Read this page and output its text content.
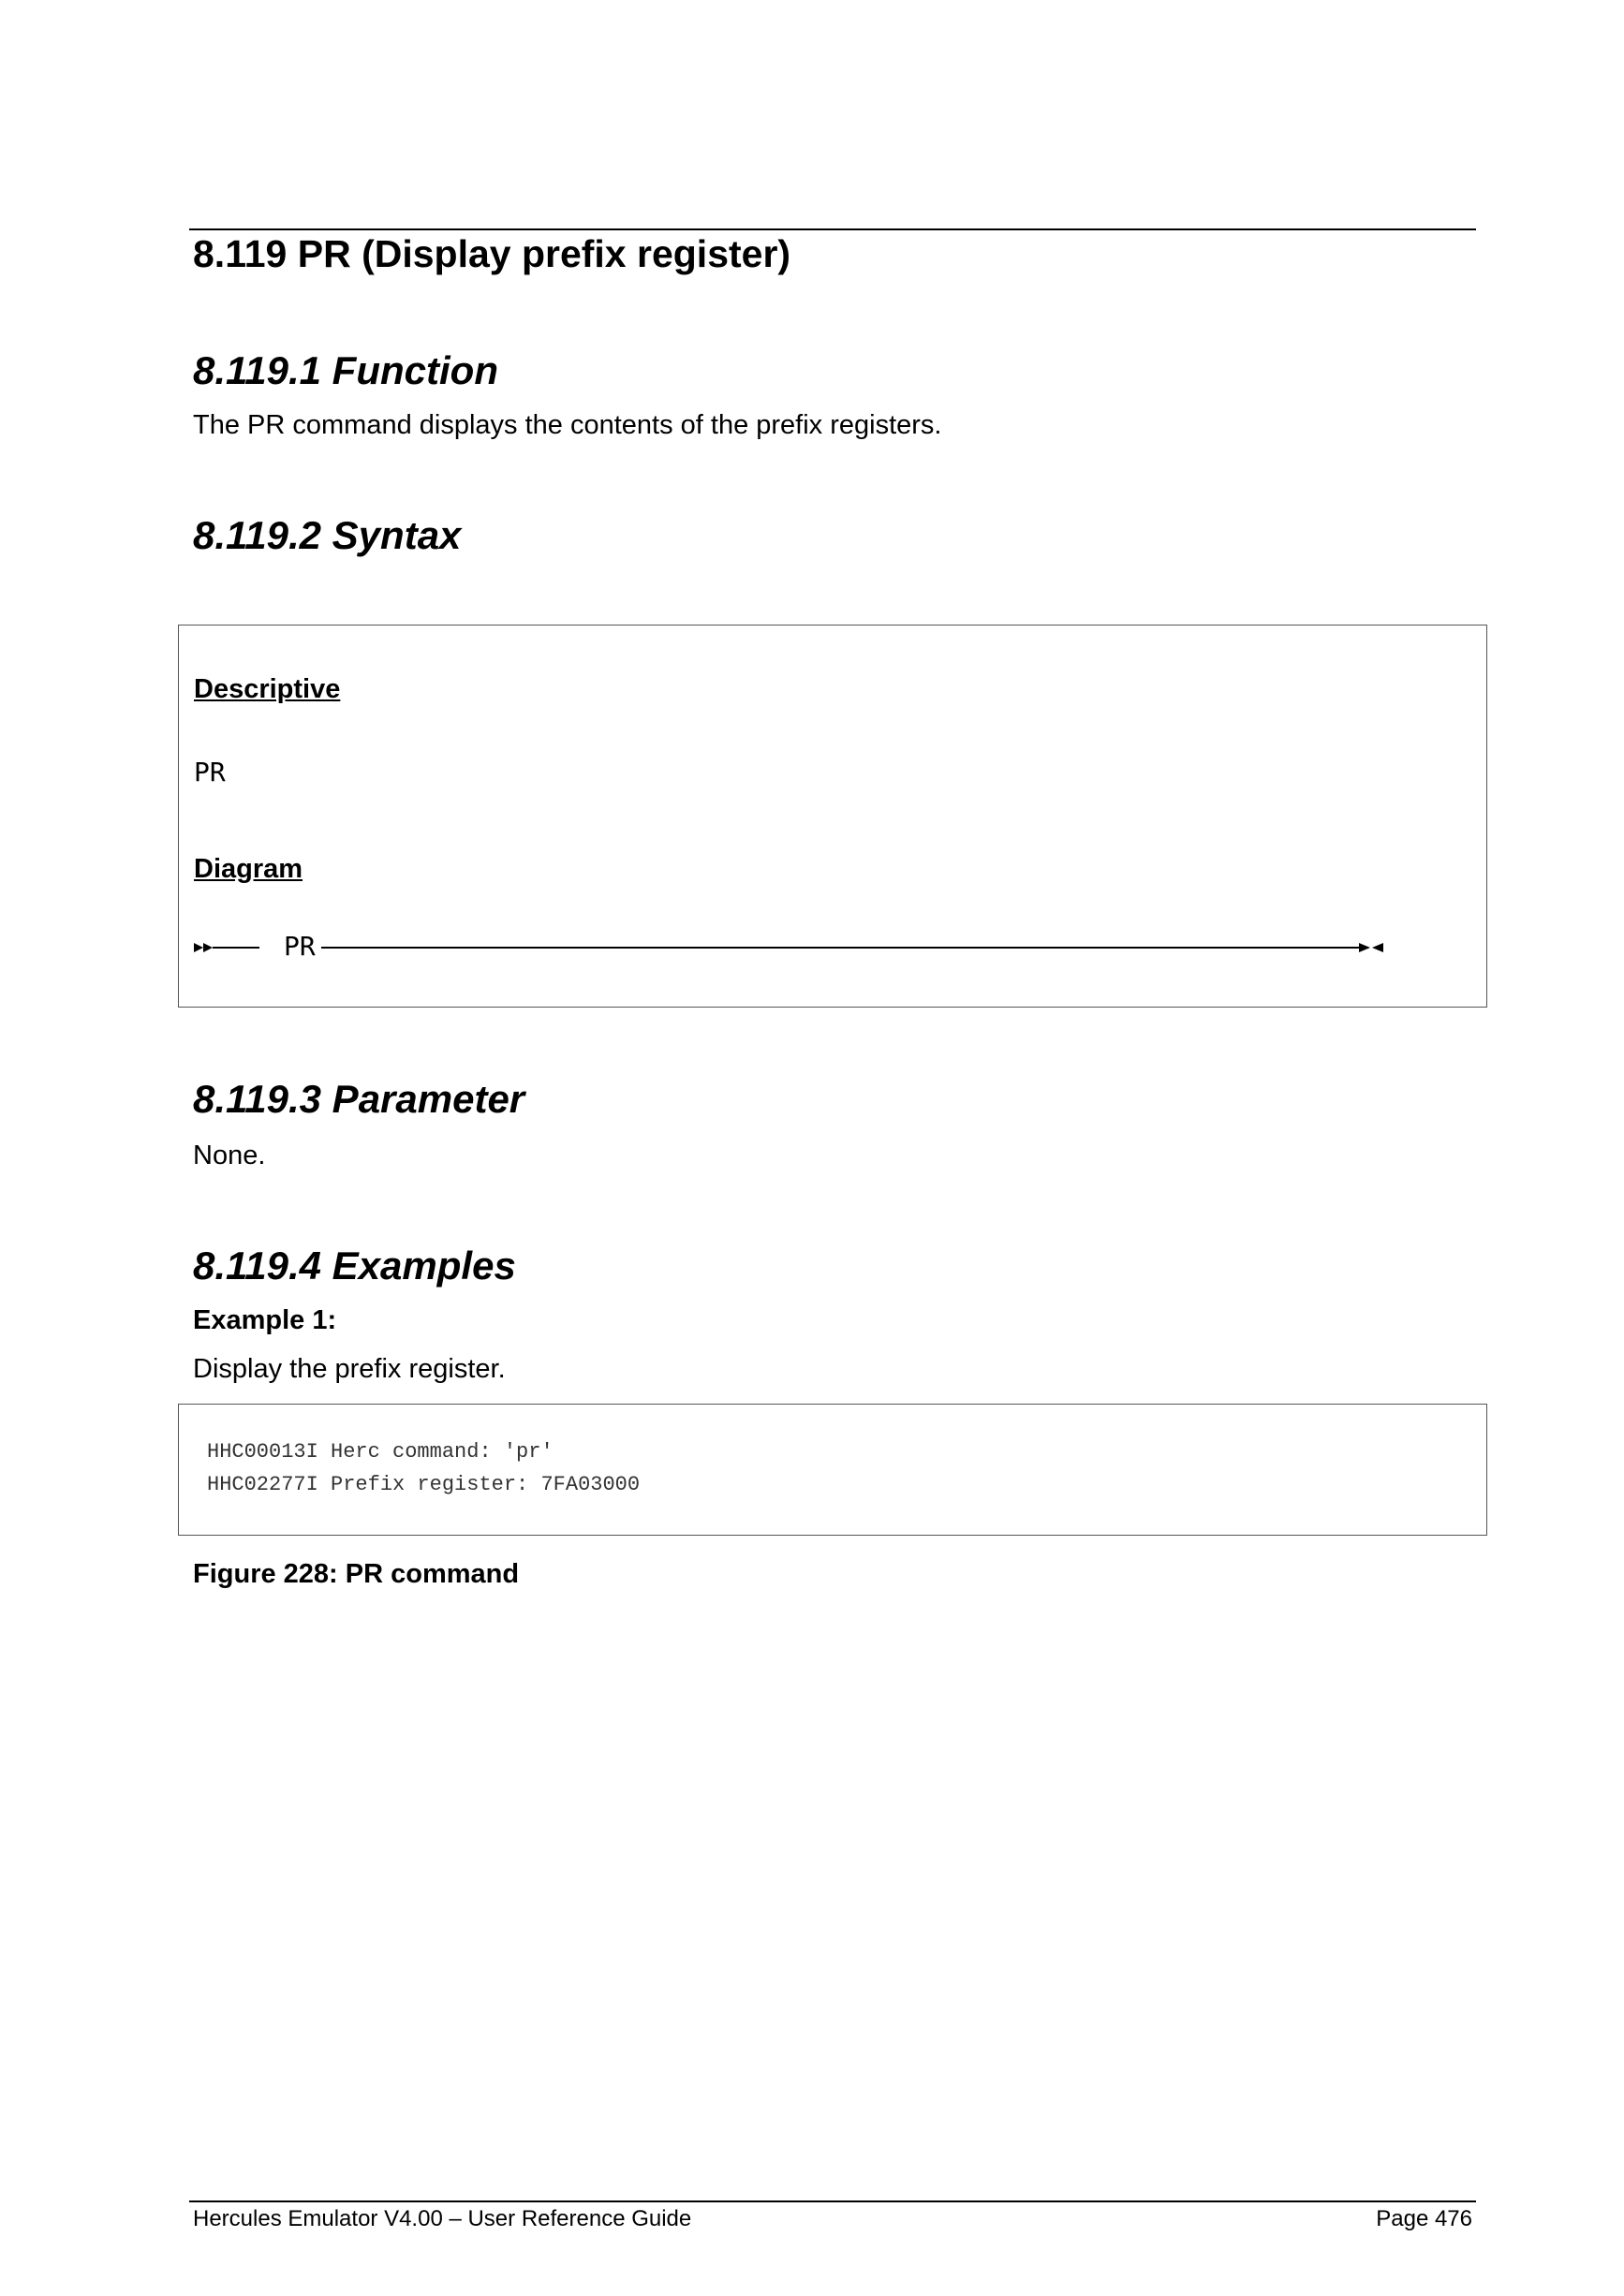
8.119 PR (Display prefix register)
8.119.1 Function
The PR command displays the contents of the prefix registers.
8.119.2 Syntax
Descriptive
PR
Diagram
PR
8.119.3 Parameter
None.
8.119.4 Examples
Example 1:
Display the prefix register.
HHC00013I Herc command: 'pr'
HHC02277I Prefix register: 7FA03000
Figure 228: PR command
Hercules Emulator V4.00 – User Reference Guide	Page 476
